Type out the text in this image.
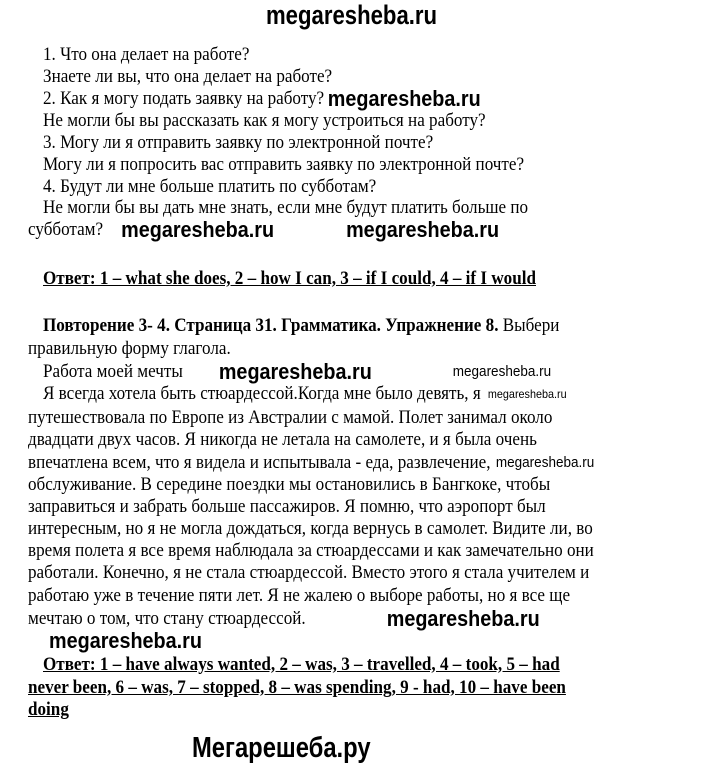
megaresheba.ru
1. Что она делает на работе?
Знаете ли вы, что она делает на работе?
2. Как я могу подать заявку на работу? megaresheba.ru
Не могли бы вы рассказать как я могу устроиться на работу?
3. Могу ли я отправить заявку по электронной почте?
Могу ли я попросить вас отправить заявку по электронной почте?
4. Будут ли мне больше платить по субботам?
Не могли бы вы дать мне знать, если мне будут платить больше по
субботам? megaresheba.ru	megaresheba.ru
Ответ: 1 – what she does, 2 – how I can, 3 – if I could, 4 – if I would
Повторение 3- 4. Страница 31. Грамматика. Упражнение 8. Выбери
правильную форму глагола.
Работа моей мечты megaresheba.ru	megaresheba.ru
Я всегда хотела быть стюардессой.Когда мне было девять, я megaresheba.ru
путешествовала по Европе из Австралии с мамой. Полет занимал около
двадцати двух часов. Я никогда не летала на самолете, и я была очень
впечатлена всем, что я видела и испытывала - еда, развлечение, megaresheba.ru
обслуживание. В середине поездки мы остановились в Бангкоке, чтобы
заправиться и забрать больше пассажиров. Я помню, что аэропорт был
интересным, но я не могла дождаться, когда вернусь в самолет. Видите ли, во
время полета я все время наблюдала за стюардессами и как замечательно они
работали. Конечно, я не стала стюардессой. Вместо этого я стала учителем и
работаю уже в течение пяти лет. Я не жалею о выборе работы, но я все ще
мечтаю о том, что стану стюардессой.	megaresheba.ru
megaresheba.ru
Ответ: 1 – have always wanted, 2 – was, 3 – travelled, 4 – took, 5 – had
never been, 6 – was, 7 – stopped, 8 – was spending, 9 - had, 10 – have been
doing
Мегарешеба.ру
